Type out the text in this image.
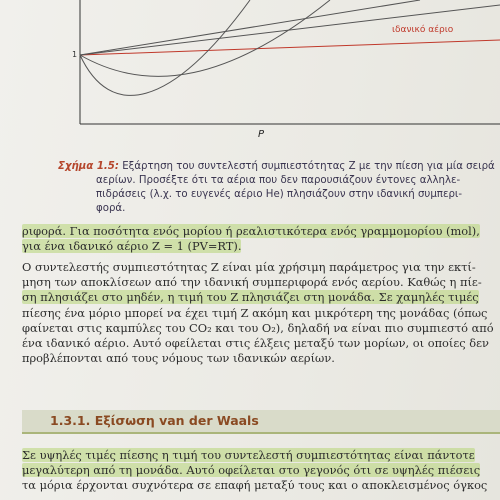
ιδανικό αέριο
1
P
Σχήμα 1.5: Εξάρτηση του συντελεστή συμπιεστότητας Z με την πίεση για μία σειρά
αερίων. Προσέξτε ότι τα αέρια που δεν παρουσιάζουν έντονες αλληλε-
πιδράσεις (λ.χ. το ευγενές αέριο He) πλησιάζουν στην ιδανική συμπερι-
φορά.
ριφορά. Για ποσότητα ενός μορίου ή ρεαλιστικότερα ενός γραμμομορίου (mol),
για ένα ιδανικό αέριο Z = 1 (PV=RT).
Ο συντελεστής συμπιεστότητας Z είναι μία χρήσιμη παράμετρος για την εκτί-
μηση των αποκλίσεων από την ιδανική συμπεριφορά ενός αερίου. Καθώς η πίε-
ση πλησιάζει στο μηδέν, η τιμή του Z πλησιάζει στη μονάδα. Σε χαμηλές τιμές
πίεσης ένα μόριο μπορεί να έχει τιμή Z ακόμη και μικρότερη της μονάδας (όπως
φαίνεται στις καμπύλες του CO₂ και του O₂), δηλαδή να είναι πιο συμπιεστό από
ένα ιδανικό αέριο. Αυτό οφείλεται στις έλξεις μεταξύ των μορίων, οι οποίες δεν
προβλέπονται από τους νόμους των ιδανικών αερίων.
1.3.1. Εξίσωση van der Waals
Σε υψηλές τιμές πίεσης η τιμή του συντελεστή συμπιεστότητας είναι πάντοτε
μεγαλύτερη από τη μονάδα. Αυτό οφείλεται στο γεγονός ότι σε υψηλές πιέσεις
τα μόρια έρχονται συχνότερα σε επαφή μεταξύ τους και ο αποκλεισμένος όγκος
